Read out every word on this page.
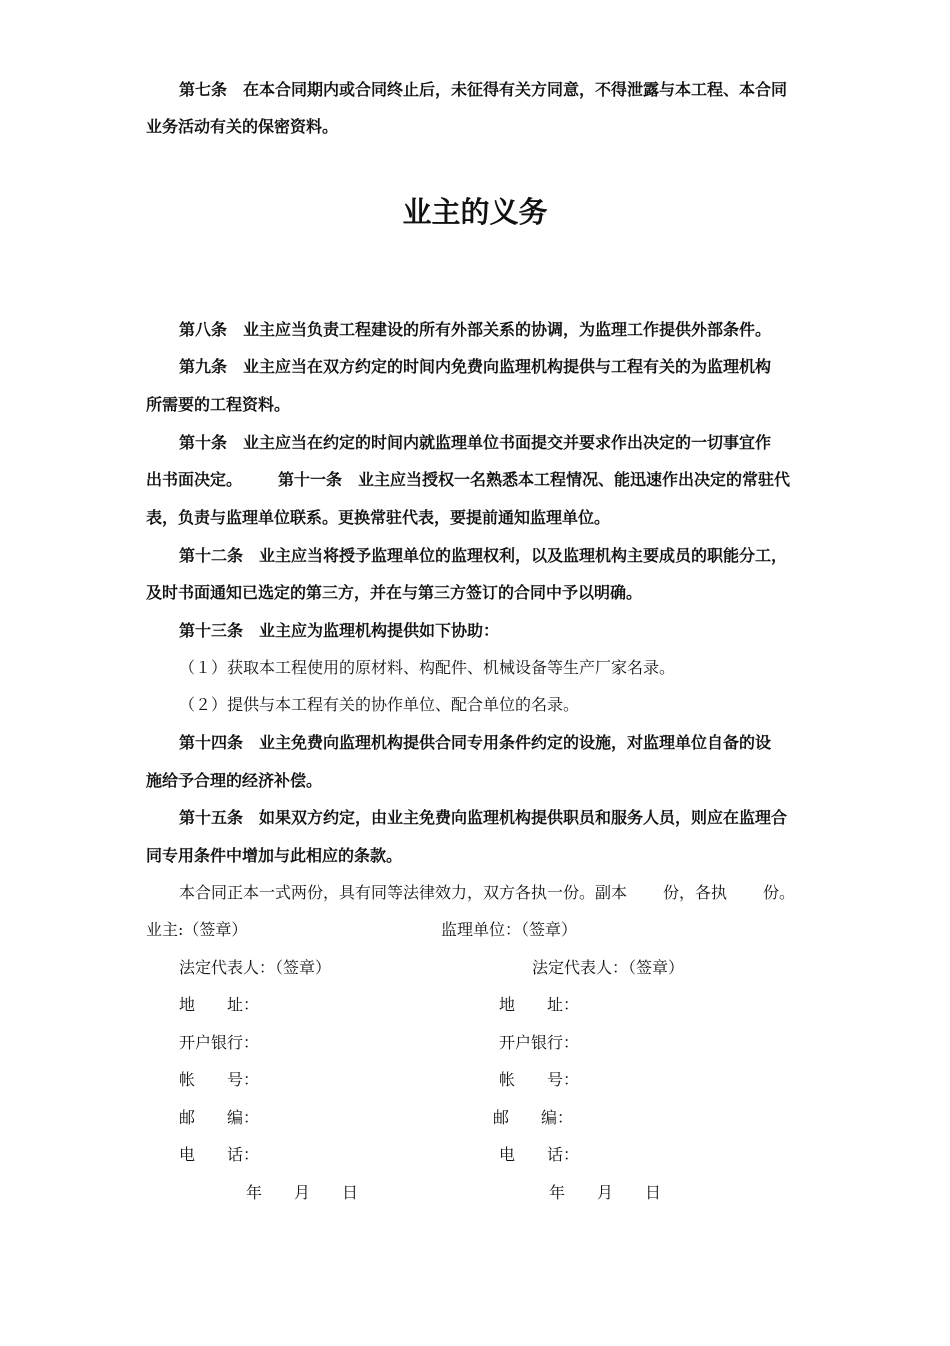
第七条 在本合同期内或合同终止后，未征得有关方同意，不得泄露与本工程、本合同
业务活动有关的保密资料。
业主的义务
第八条 业主应当负责工程建设的所有外部关系的协调，为监理工作提供外部条件。
第九条 业主应当在双方约定的时间内免费向监理机构提供与工程有关的为监理机构
所需要的工程资料。
第十条 业主应当在约定的时间内就监理单位书面提交并要求作出决定的一切事宜作
出书面决定。 第十一条 业主应当授权一名熟悉本工程情况、能迅速作出决定的常驻代
表，负责与监理单位联系。更换常驻代表，要提前通知监理单位。
第十二条 业主应当将授予监理单位的监理权利，以及监理机构主要成员的职能分工，
及时书面通知已选定的第三方，并在与第三方签订的合同中予以明确。
第十三条 业主应为监理机构提供如下协助：
（１）获取本工程使用的原材料、构配件、机械设备等生产厂家名录。
（２）提供与本工程有关的协作单位、配合单位的名录。
第十四条 业主免费向监理机构提供合同专用条件约定的设施，对监理单位自备的设
施给予合理的经济补偿。
第十五条 如果双方约定，由业主免费向监理机构提供职员和服务人员，则应在监理合
同专用条件中增加与此相应的条款。
本合同正本一式两份，具有同等法律效力，双方各执一份。副本 份，各执 份。
业主:（签章）
法定代表人：（签章）
地　　址：
开户银行：
帐　　号：
邮　　编：
电　　话：
年　　月　　日
监理单位：（签章）
法定代表人：（签章）
地　　址：
开户银行：
帐　　号：
邮　　编：
电　　话：
年　　月　　日
